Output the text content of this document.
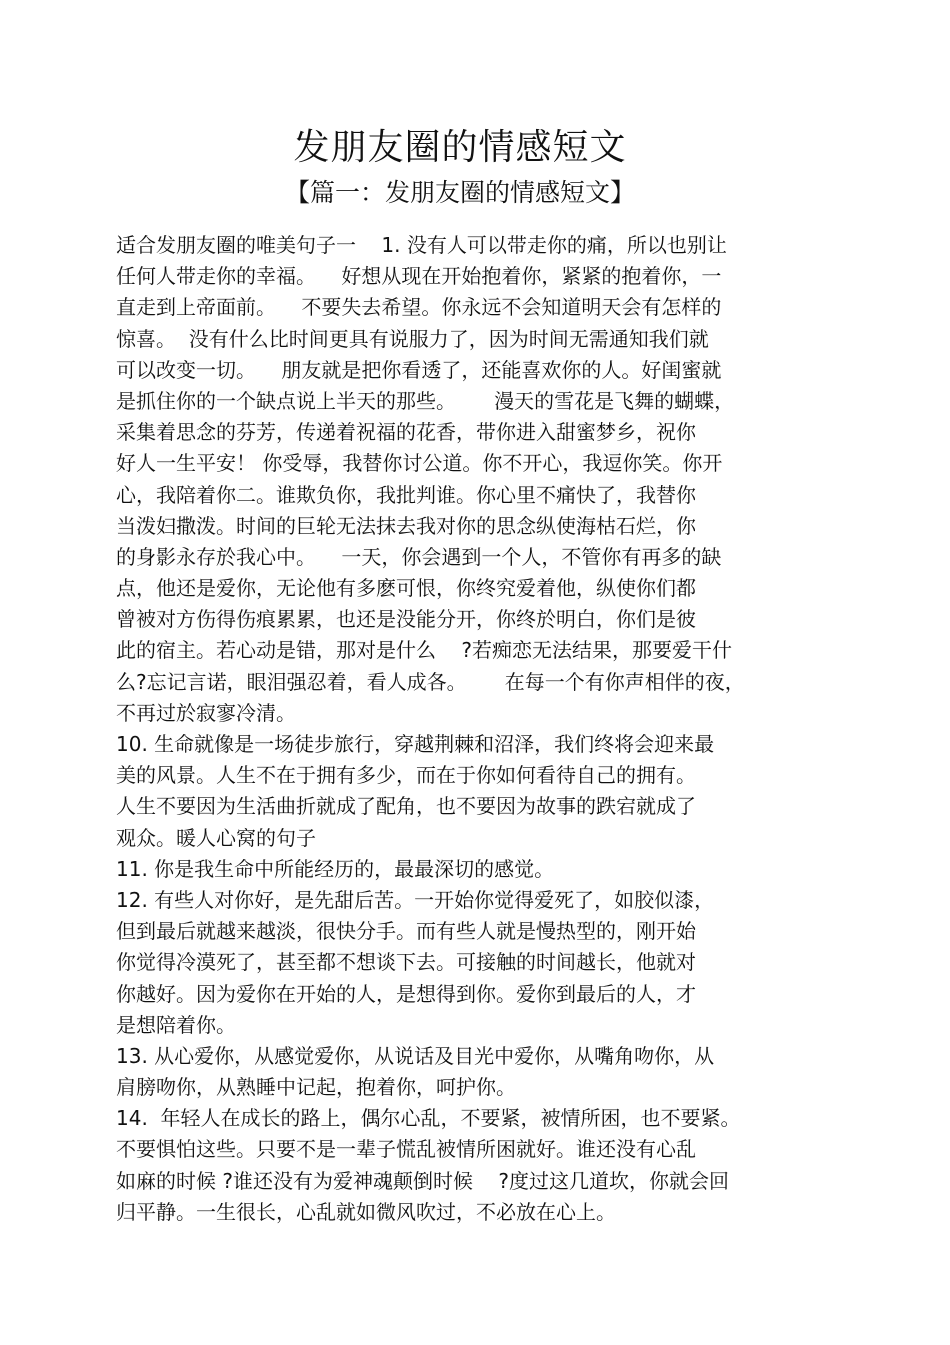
发朋友圈的情感短文
【篇一：发朋友圈的情感短文】
适合发朋友圈的唯美句子一    1. 没有人可以带走你的痛，所以也别让
任何人带走你的幸福。    好想从现在开始抱着你，紧紧的抱着你，一
直走到上帝面前。    不要失去希望。你永远不会知道明天会有怎样的
惊喜。  没有什么比时间更具有说服力了，因为时间无需通知我们就
可以改变一切。    朋友就是把你看透了，还能喜欢你的人。好闺蜜就
是抓住你的一个缺点说上半天的那些。      漫天的雪花是飞舞的蝴蝶，
采集着思念的芬芳，传递着祝福的花香，带你进入甜蜜梦乡，祝你
好人一生平安！ 你受辱，我替你讨公道。你不开心，我逗你笑。你开
心，我陪着你二。谁欺负你，我批判谁。你心里不痛快了，我替你
当泼妇撒泼。时间的巨轮无法抹去我对你的思念纵使海枯石烂，你
的身影永存於我心中。    一天，你会遇到一个人，不管你有再多的缺
点，他还是爱你，无论他有多麽可恨，你终究爱着他，纵使你们都
曾被对方伤得伤痕累累，也还是没能分开，你终於明白，你们是彼
此的宿主。若心动是错，那对是什么    ?若痴恋无法结果，那要爱干什
么?忘记言诺，眼泪强忍着，看人成各。      在每一个有你声相伴的夜，
不再过於寂寥冷清。
10. 生命就像是一场徒步旅行，穿越荆棘和沼泽，我们终将会迎来最
美的风景。人生不在于拥有多少，而在于你如何看待自己的拥有。
人生不要因为生活曲折就成了配角，也不要因为故事的跌宕就成了
观众。暖人心窝的句子
11. 你是我生命中所能经历的，最最深切的感觉。
12. 有些人对你好，是先甜后苦。一开始你觉得爱死了，如胶似漆，
但到最后就越来越淡，很快分手。而有些人就是慢热型的，刚开始
你觉得冷漠死了，甚至都不想谈下去。可接触的时间越长，他就对
你越好。因为爱你在开始的人，是想得到你。爱你到最后的人，才
是想陪着你。
13. 从心爱你，从感觉爱你，从说话及目光中爱你，从嘴角吻你，从
肩膀吻你，从熟睡中记起，抱着你，呵护你。
14.  年轻人在成长的路上，偶尔心乱，不要紧，被情所困，也不要紧。
不要惧怕这些。只要不是一辈子慌乱被情所困就好。谁还没有心乱
如麻的时候 ?谁还没有为爱神魂颠倒时候    ?度过这几道坎，你就会回
归平静。一生很长，心乱就如微风吹过，不必放在心上。
